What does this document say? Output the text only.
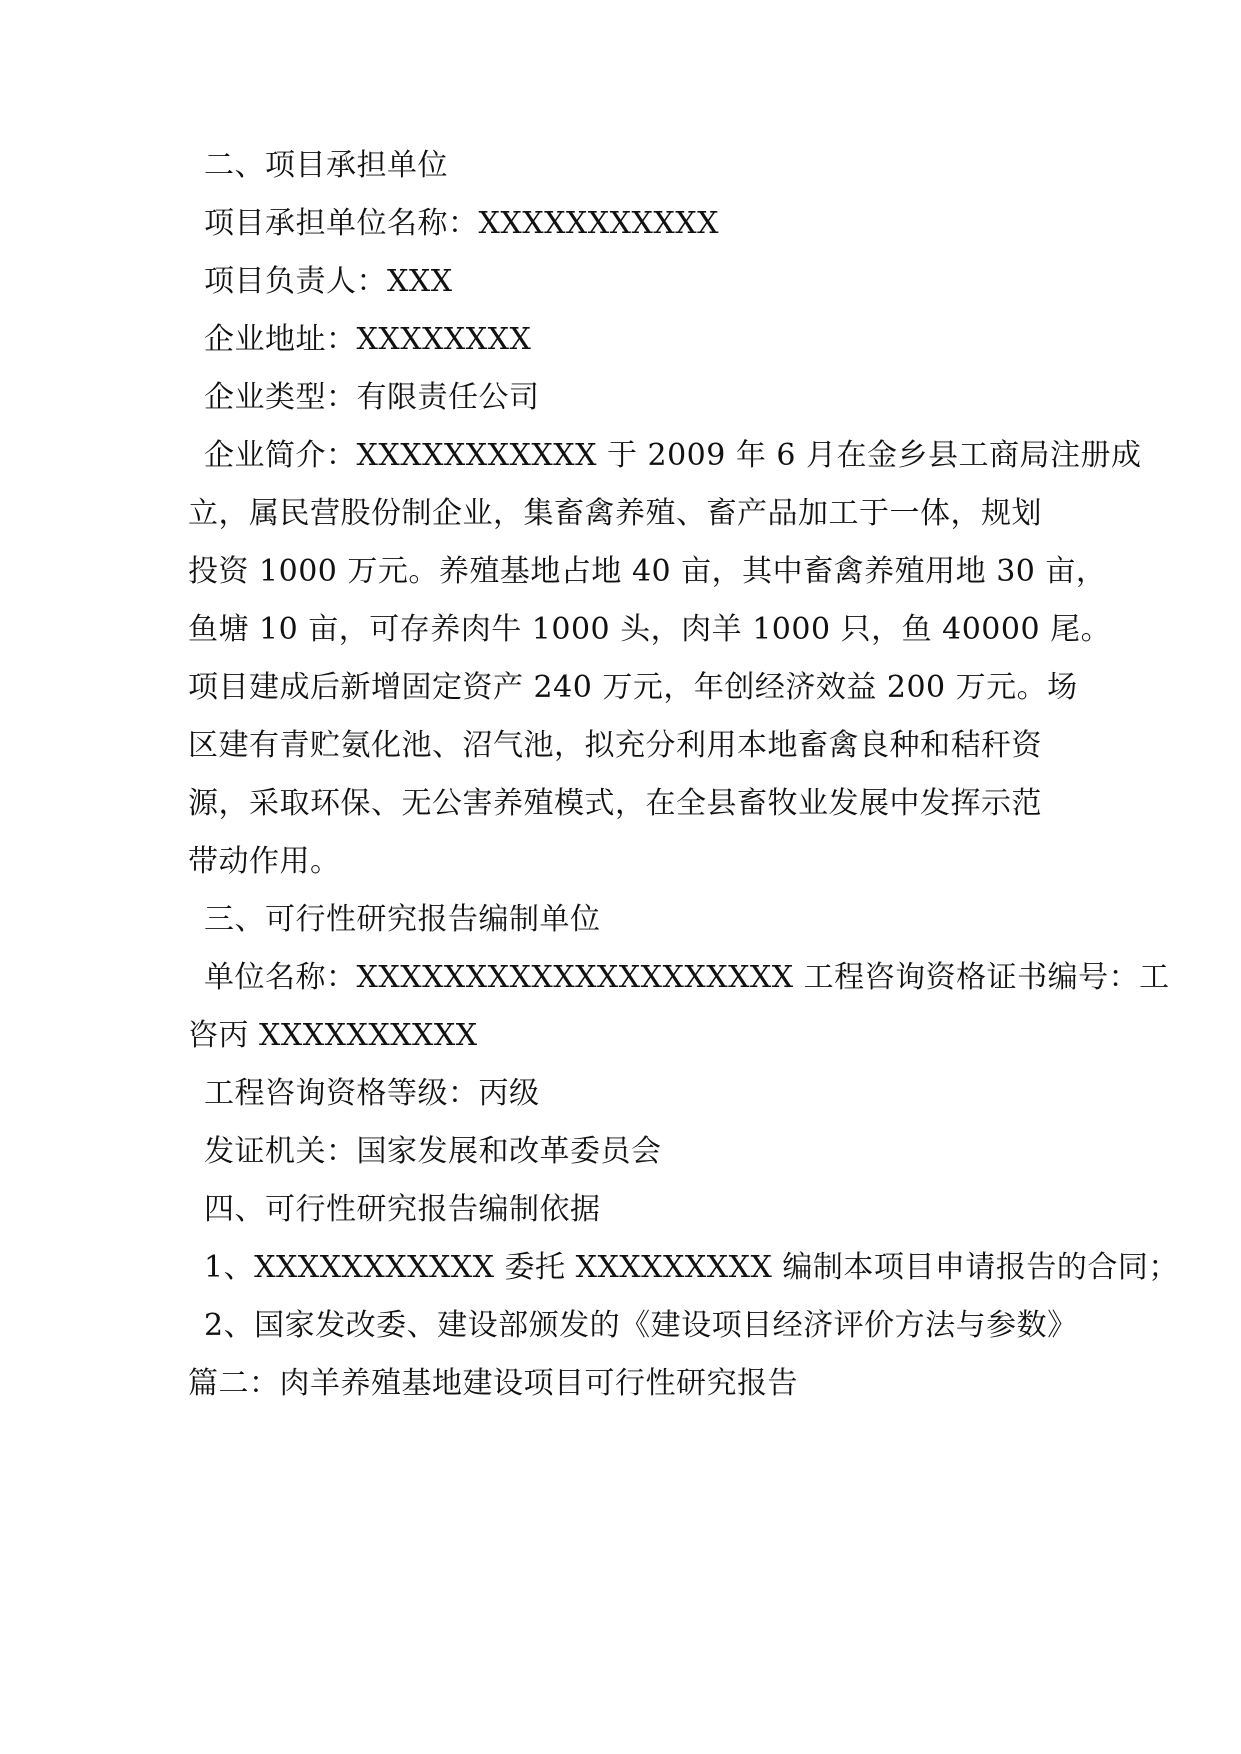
二、项目承担单位
项目承担单位名称：XXXXXXXXXXX
项目负责人：XXX
企业地址：XXXXXXXX
企业类型：有限责任公司
企业简介：XXXXXXXXXXX 于 2009 年 6 月在金乡县工商局注册成
立，属民营股份制企业，集畜禽养殖、畜产品加工于一体，规划
投资 1000 万元。养殖基地占地 40 亩，其中畜禽养殖用地 30 亩，
鱼塘 10 亩，可存养肉牛 1000 头，肉羊 1000 只，鱼 40000 尾。
项目建成后新增固定资产 240 万元，年创经济效益 200 万元。场
区建有青贮氨化池、沼气池，拟充分利用本地畜禽良种和秸秆资
源，采取环保、无公害养殖模式，在全县畜牧业发展中发挥示范
带动作用。
三、可行性研究报告编制单位
单位名称：XXXXXXXXXXXXXXXXXXXX 工程咨询资格证书编号：工
咨丙 XXXXXXXXXX
工程咨询资格等级：丙级
发证机关：国家发展和改革委员会
四、可行性研究报告编制依据
1、XXXXXXXXXXX 委托 XXXXXXXXX 编制本项目申请报告的合同；
2、国家发改委、建设部颁发的《建设项目经济评价方法与参数》
篇二：肉羊养殖基地建设项目可行性研究报告
